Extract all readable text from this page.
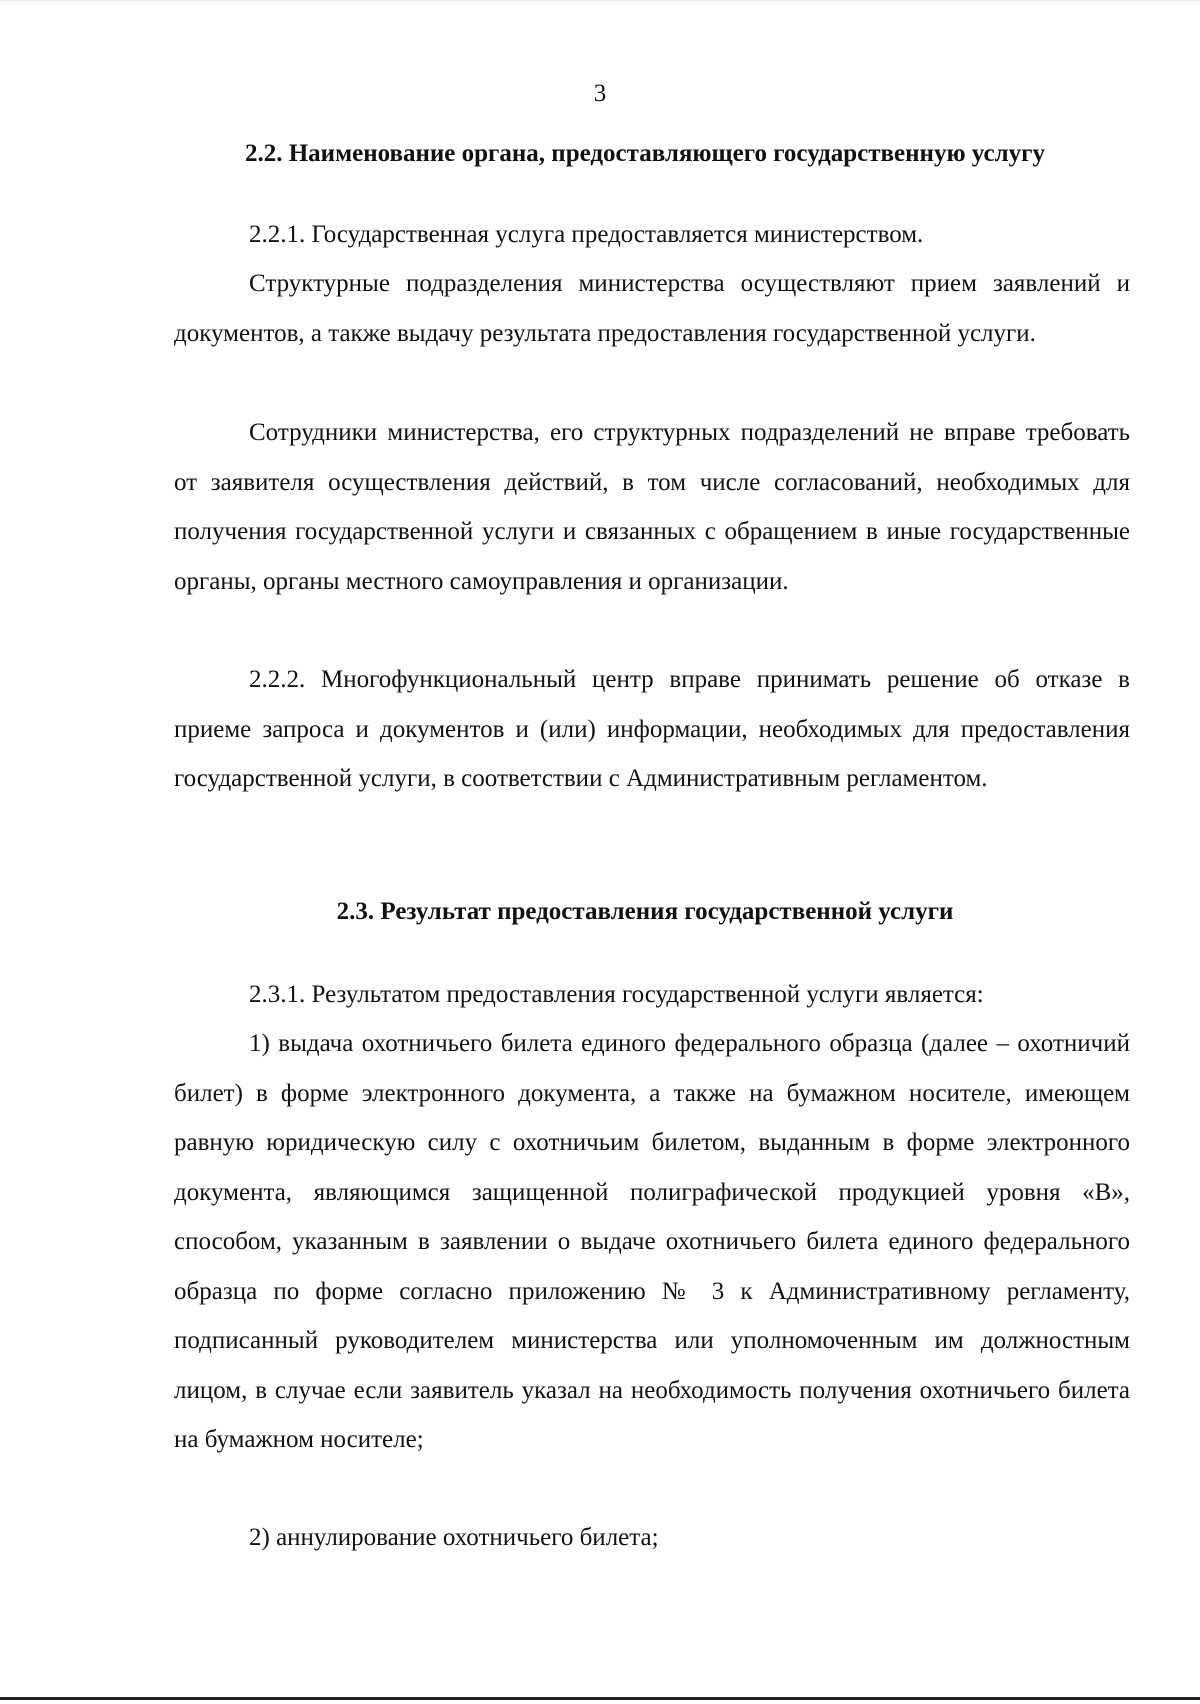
3
2.2. Наименование органа, предоставляющего государственную услугу

2.2.1. Государственная услуга предоставляется министерством.

Структурные подразделения министерства осуществляют прием заявлений и документов, а также выдачу результата предоставления государственной услуги.

Сотрудники министерства, его структурных подразделений не вправе требовать от заявителя осуществления действий, в том числе согласований, необходимых для получения государственной услуги и связанных с обращением в иные государственные органы, органы местного самоуправления и организации.

2.2.2. Многофункциональный центр вправе принимать решение об отказе в приеме запроса и документов и (или) информации, необходимых для предоставления государственной услуги, в соответствии с Административным регламентом.

2.3. Результат предоставления государственной услуги

2.3.1. Результатом предоставления государственной услуги является:

1) выдача охотничьего билета единого федерального образца (далее – охотничий билет) в форме электронного документа, а также на бумажном носителе, имеющем равную юридическую силу с охотничьим билетом, выданным в форме электронного документа, являющимся защищенной полиграфической продукцией уровня «В», способом, указанным в заявлении о выдаче охотничьего билета единого федерального образца по форме согласно приложению № 3 к Административному регламенту, подписанный руководителем министерства или уполномоченным им должностным лицом, в случае если заявитель указал на необходимость получения охотничьего билета на бумажном носителе;

2) аннулирование охотничьего билета;
